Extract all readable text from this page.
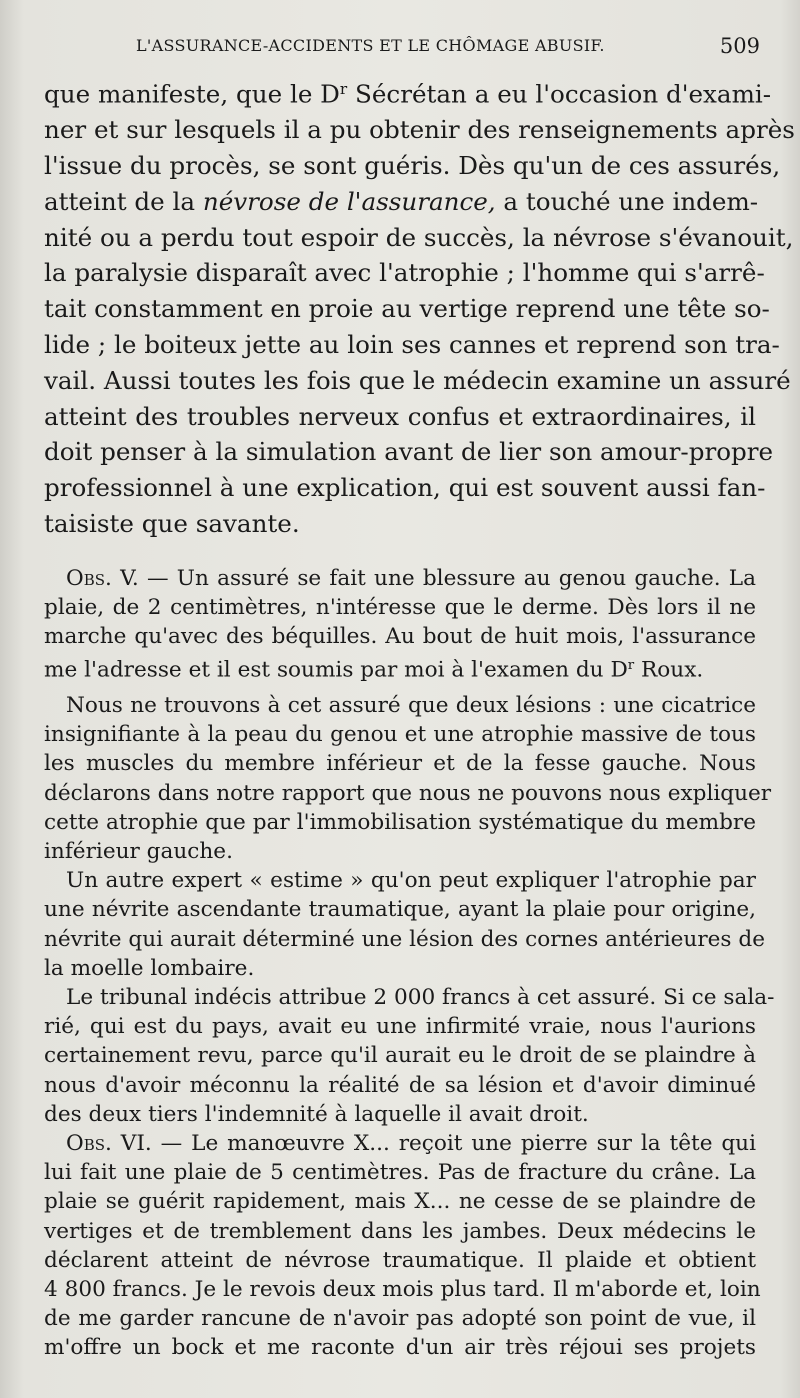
L'ASSURANCE-ACCIDENTS ET LE CHÔMAGE ABUSIF.	509
que manifeste, que le $D^r$ Sécrétan a eu l'occasion d'exami-
ner et sur lesquels il a pu obtenir des renseignements après
l'issue du procès, se sont guéris. Dès qu'un de ces assurés,
atteint de la névrose de l'assurance, a touché une indem-
nité ou a perdu tout espoir de succès, la névrose s'évanouit,
la paralysie disparaît avec l'atrophie ; l'homme qui s'arrê-
tait constamment en proie au vertige reprend une tête so-
lide ; le boiteux jette au loin ses cannes et reprend son tra-
vail. Aussi toutes les fois que le médecin examine un assuré
atteint des troubles nerveux confus et extraordinaires, il
doit penser à la simulation avant de lier son amour-propre
professionnel à une explication, qui est souvent aussi fan-
taisiste que savante.
Obs. V. — Un assuré se fait une blessure au genou gauche. La
plaie, de 2 centimètres, n'intéresse que le derme. Dès lors il ne
marche qu'avec des béquilles. Au bout de huit mois, l'assurance
me l'adresse et il est soumis par moi à l'examen du $D^r$ Roux.
Nous ne trouvons à cet assuré que deux lésions : une cicatrice
insignifiante à la peau du genou et une atrophie massive de tous
les muscles du membre inférieur et de la fesse gauche. Nous
déclarons dans notre rapport que nous ne pouvons nous expliquer
cette atrophie que par l'immobilisation systématique du membre
inférieur gauche.
Un autre expert « estime » qu'on peut expliquer l'atrophie par
une névrite ascendante traumatique, ayant la plaie pour origine,
névrite qui aurait déterminé une lésion des cornes antérieures de
la moelle lombaire.
Le tribunal indécis attribue 2 000 francs à cet assuré. Si ce sala-
rié, qui est du pays, avait eu une infirmité vraie, nous l'aurions
certainement revu, parce qu'il aurait eu le droit de se plaindre à
nous d'avoir méconnu la réalité de sa lésion et d'avoir diminué
des deux tiers l'indemnité à laquelle il avait droit.
Obs. VI. — Le manœuvre X... reçoit une pierre sur la tête qui
lui fait une plaie de 5 centimètres. Pas de fracture du crâne. La
plaie se guérit rapidement, mais X... ne cesse de se plaindre de
vertiges et de tremblement dans les jambes. Deux médecins le
déclarent atteint de névrose traumatique. Il plaide et obtient
4 800 francs. Je le revois deux mois plus tard. Il m'aborde et, loin
de me garder rancune de n'avoir pas adopté son point de vue, il
m'offre un bock et me raconte d'un air très réjoui ses projets
